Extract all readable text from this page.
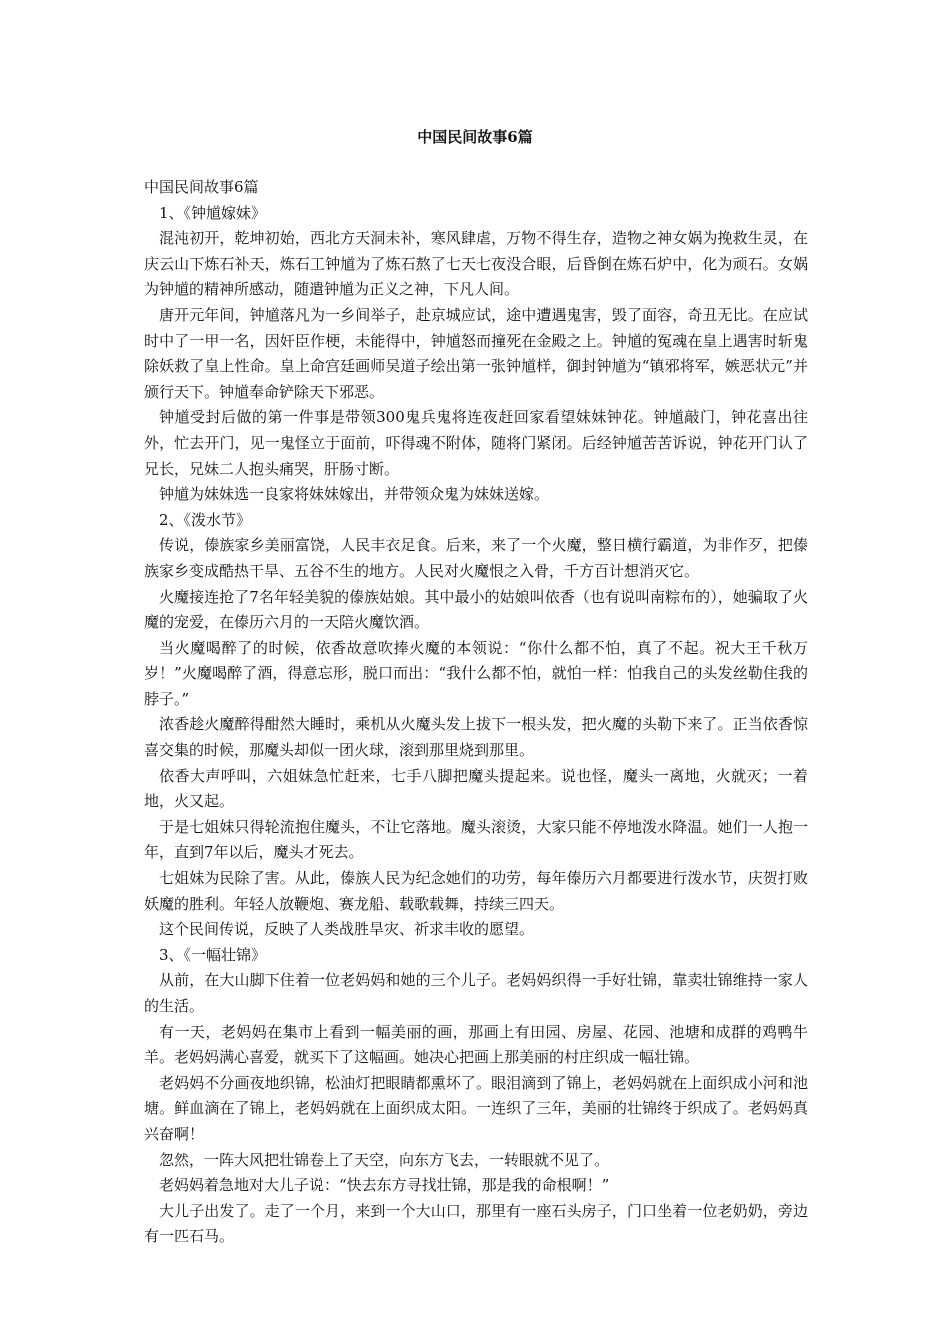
中国民间故事6篇

中国民间故事6篇

1、《钟馗嫁妹》

混沌初开，乾坤初始，西北方天洞未补，寒风肆虐，万物不得生存，造物之神女娲为挽救生灵，在庆云山下炼石补天，炼石工钟馗为了炼石熬了七天七夜没合眼，后昏倒在炼石炉中，化为顽石。女娲为钟馗的精神所感动，随遣钟馗为正义之神，下凡人间。

唐开元年间，钟馗落凡为一乡间举子，赴京城应试，途中遭遇鬼害，毁了面容，奇丑无比。在应试时中了一甲一名，因奸臣作梗，未能得中，钟馗怒而撞死在金殿之上。钟馗的冤魂在皇上遇害时斩鬼除妖救了皇上性命。皇上命宫廷画师吴道子绘出第一张钟馗样，御封钟馗为“镇邪将军，嫉恶状元”并颁行天下。钟馗奉命铲除天下邪恶。

钟馗受封后做的第一件事是带领300鬼兵鬼将连夜赶回家看望妹妹钟花。钟馗敲门，钟花喜出往外，忙去开门，见一鬼怪立于面前，吓得魂不附体，随将门紧闭。后经钟馗苦苦诉说，钟花开门认了兄长，兄妹二人抱头痛哭，肝肠寸断。

钟馗为妹妹选一良家将妹妹嫁出，并带领众鬼为妹妹送嫁。

2、《泼水节》

传说，傣族家乡美丽富饶，人民丰衣足食。后来，来了一个火魔，整日横行霸道，为非作歹，把傣族家乡变成酷热干旱、五谷不生的地方。人民对火魔恨之入骨，千方百计想消灭它。

火魔接连抢了7名年轻美貌的傣族姑娘。其中最小的姑娘叫依香（也有说叫南粽布的），她骗取了火魔的宠爱，在傣历六月的一天陪火魔饮酒。

当火魔喝醉了的时候，依香故意吹捧火魔的本领说：“你什么都不怕，真了不起。祝大王千秋万岁！”火魔喝醉了酒，得意忘形，脱口而出：“我什么都不怕，就怕一样：怕我自己的头发丝勒住我的脖子。”

浓香趁火魔醉得酣然大睡时，乘机从火魔头发上拔下一根头发，把火魔的头勒下来了。正当依香惊喜交集的时候，那魔头却似一团火球，滚到那里烧到那里。

依香大声呼叫，六姐妹急忙赶来，七手八脚把魔头提起来。说也怪，魔头一离地，火就灭；一着地，火又起。

于是七姐妹只得轮流抱住魔头，不让它落地。魔头滚烫，大家只能不停地泼水降温。她们一人抱一年，直到7年以后，魔头才死去。

七姐妹为民除了害。从此，傣族人民为纪念她们的功劳，每年傣历六月都要进行泼水节，庆贺打败妖魔的胜利。年轻人放鞭炮、赛龙船、载歌载舞，持续三四天。

这个民间传说，反映了人类战胜旱灾、祈求丰收的愿望。

3、《一幅壮锦》

从前，在大山脚下住着一位老妈妈和她的三个儿子。老妈妈织得一手好壮锦，靠卖壮锦维持一家人的生活。

有一天，老妈妈在集市上看到一幅美丽的画，那画上有田园、房屋、花园、池塘和成群的鸡鸭牛羊。老妈妈满心喜爱，就买下了这幅画。她决心把画上那美丽的村庄织成一幅壮锦。

老妈妈不分画夜地织锦，松油灯把眼睛都熏坏了。眼泪滴到了锦上，老妈妈就在上面织成小河和池塘。鲜血滴在了锦上，老妈妈就在上面织成太阳。一连织了三年，美丽的壮锦终于织成了。老妈妈真兴奋啊！

忽然，一阵大风把壮锦卷上了天空，向东方飞去，一转眼就不见了。

老妈妈着急地对大儿子说：“快去东方寻找壮锦，那是我的命根啊！”

大儿子出发了。走了一个月，来到一个大山口，那里有一座石头房子，门口坐着一位老奶奶，旁边有一匹石马。
